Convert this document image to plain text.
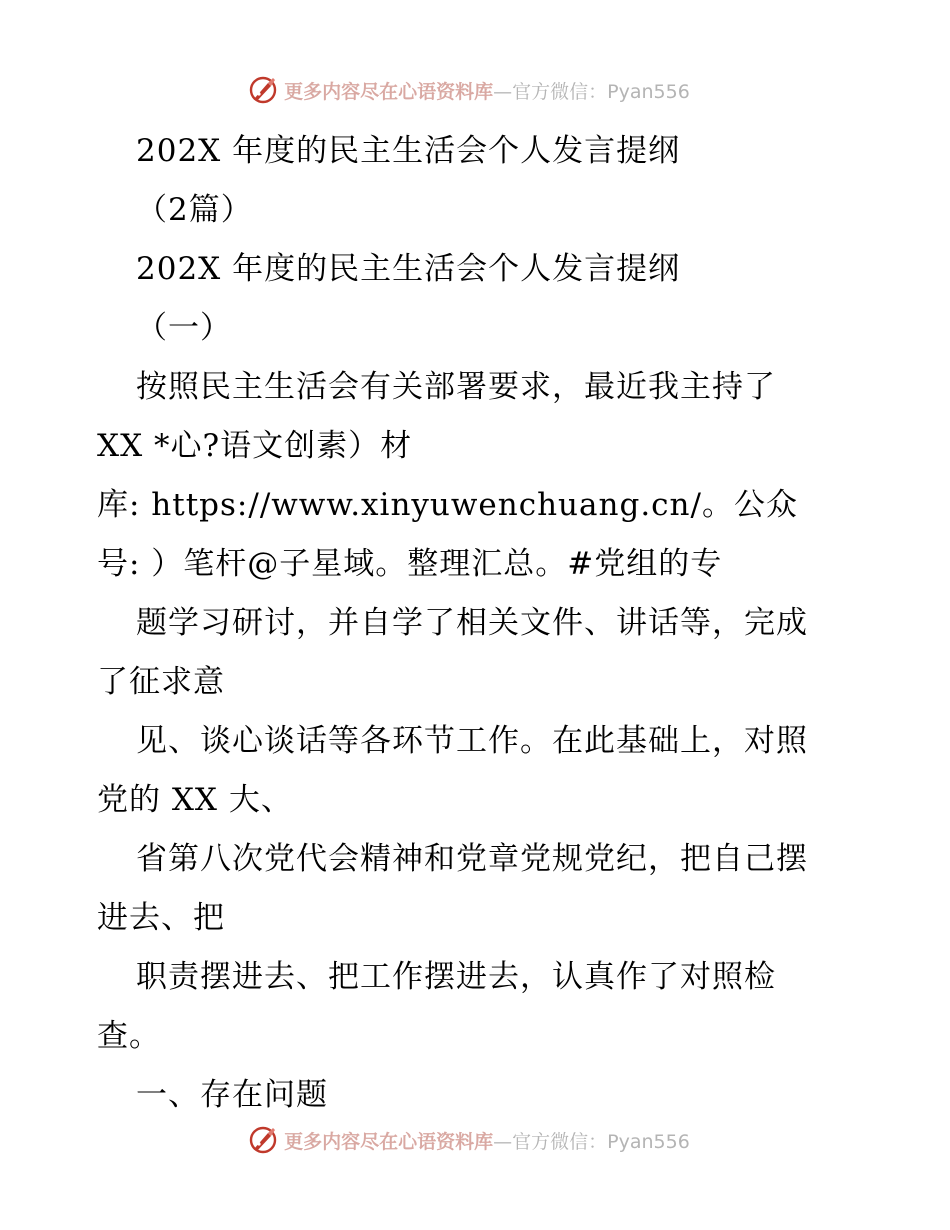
更多内容尽在心语资料库—官方微信：Pyan556
202X 年度的民主生活会个人发言提纲
（2篇）
202X 年度的民主生活会个人发言提纲
（一）
按照民主生活会有关部署要求，最近我主持了
XX *心?语文创素）材
库: https://www.xinyuwenchuang.cn/。公众
号: ）笔杆@子星域。整理汇总。#党组的专
题学习研讨，并自学了相关文件、讲话等，完成
了征求意
见、谈心谈话等各环节工作。在此基础上，对照
党的 XX 大、
省第八次党代会精神和党章党规党纪，把自己摆
进去、把
职责摆进去、把工作摆进去，认真作了对照检
查。
一、存在问题
更多内容尽在心语资料库—官方微信：Pyan556
